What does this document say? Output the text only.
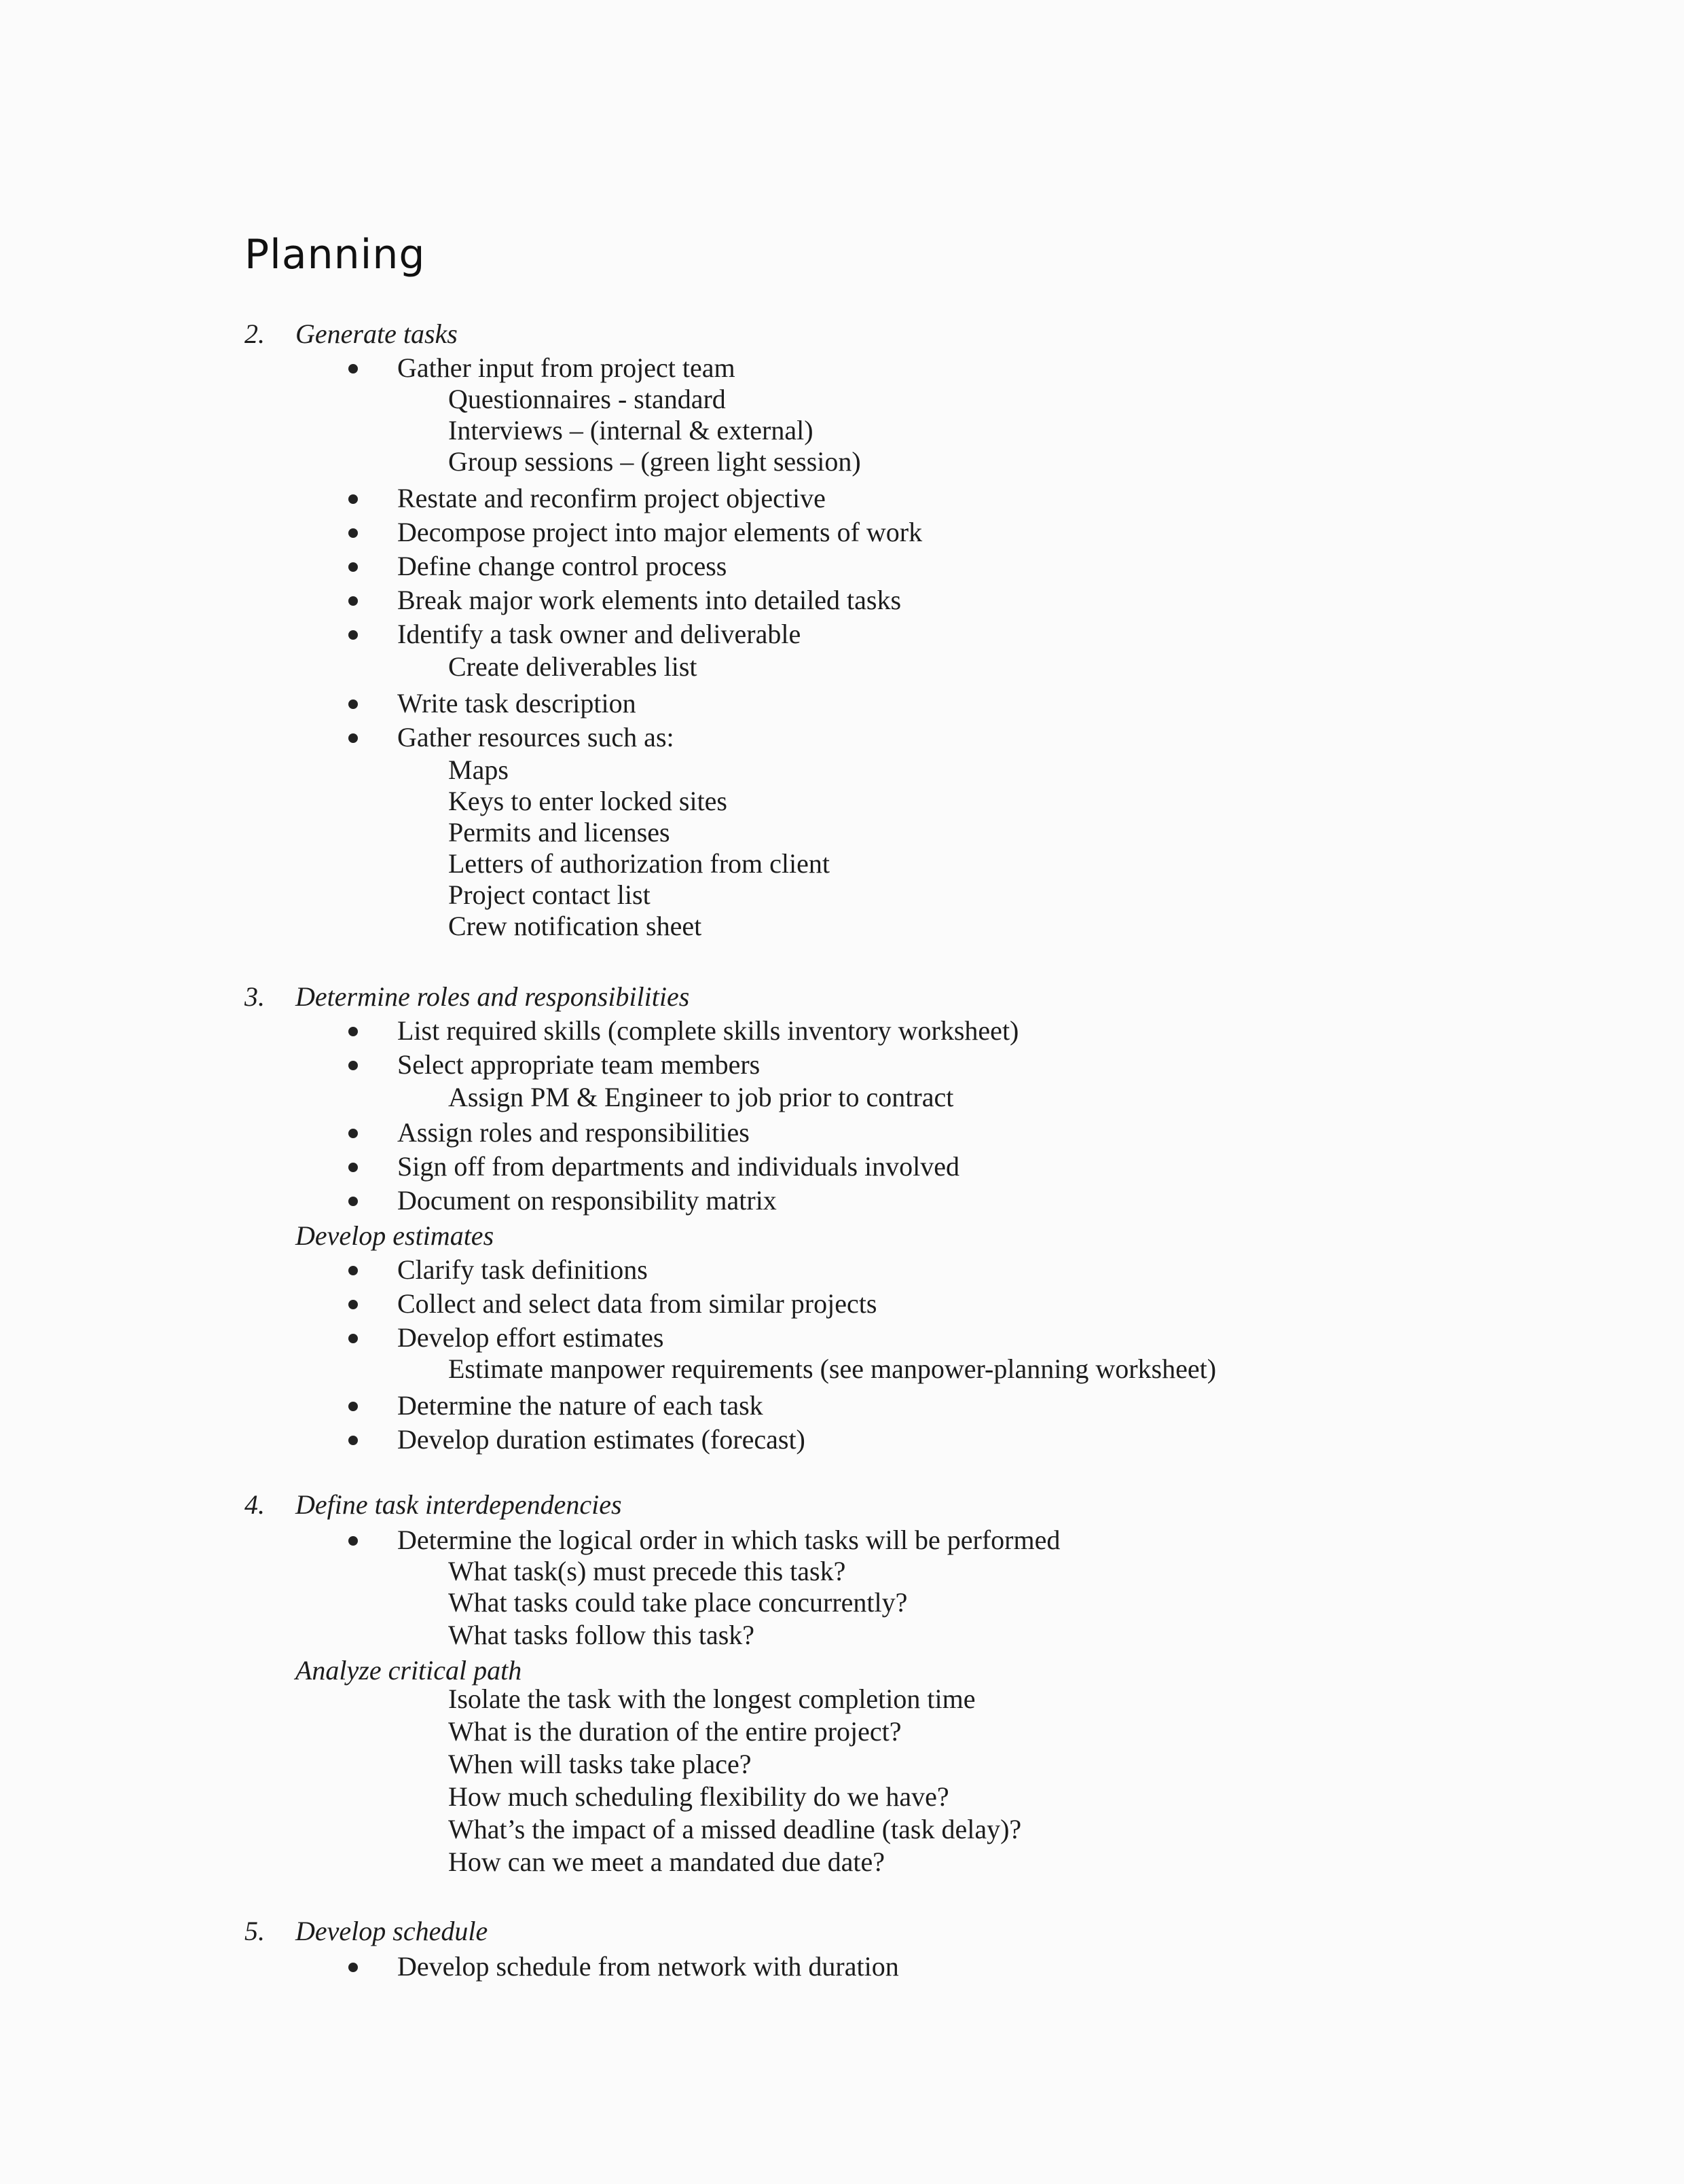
Planning
2. Generate tasks
Gather input from project team
Questionnaires - standard
Interviews – (internal & external)
Group sessions – (green light session)
Restate and reconfirm project objective
Decompose project into major elements of work
Define change control process
Break major work elements into detailed tasks
Identify a task owner and deliverable
Create deliverables list
Write task description
Gather resources such as:
Maps
Keys to enter locked sites
Permits and licenses
Letters of authorization from client
Project contact list
Crew notification sheet
3. Determine roles and responsibilities
List required skills (complete skills inventory worksheet)
Select appropriate team members
Assign PM & Engineer to job prior to contract
Assign roles and responsibilities
Sign off from departments and individuals involved
Document on responsibility matrix
Develop estimates
Clarify task definitions
Collect and select data from similar projects
Develop effort estimates
Estimate manpower requirements (see manpower-planning worksheet)
Determine the nature of each task
Develop duration estimates (forecast)
4. Define task interdependencies
Determine the logical order in which tasks will be performed
What task(s) must precede this task?
What tasks could take place concurrently?
What tasks follow this task?
Analyze critical path
Isolate the task with the longest completion time
What is the duration of the entire project?
When will tasks take place?
How much scheduling flexibility do we have?
What’s the impact of a missed deadline (task delay)?
How can we meet a mandated due date?
5. Develop schedule
Develop schedule from network with duration
